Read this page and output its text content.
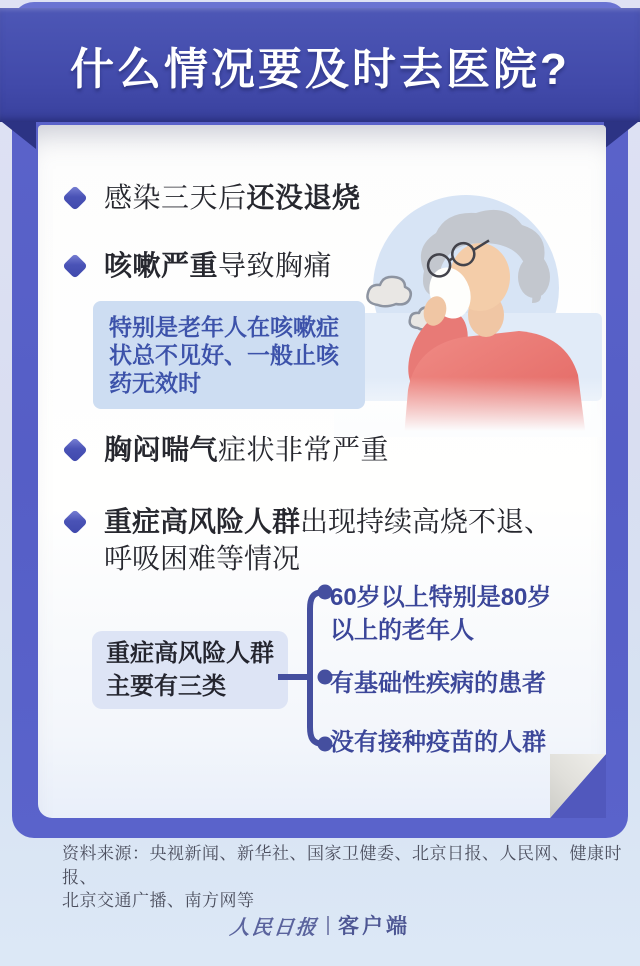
什么情况要及时去医院?
感染三天后还没退烧
咳嗽严重导致胸痛
特别是老年人在咳嗽症状总不见好、一般止咳药无效时
胸闷喘气症状非常严重
重症高风险人群出现持续高烧不退、呼吸困难等情况
重症高风险人群主要有三类
60岁以上特别是80岁以上的老年人
有基础性疾病的患者
没有接种疫苗的人群
资料来源：央视新闻、新华社、国家卫健委、北京日报、人民网、健康时报、
北京交通广播、南方网等
人民日报 客户端
